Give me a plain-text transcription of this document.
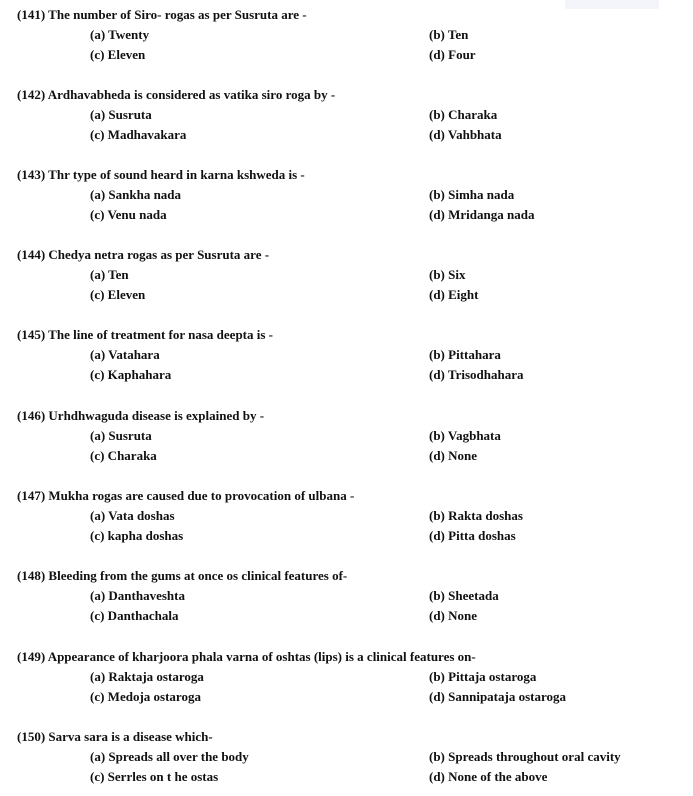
(141) The number of Siro- rogas as per Susruta are -
(a) Twenty	(b) Ten
(c) Eleven	(d) Four
(142) Ardhavabheda is considered as vatika siro roga by -
(a) Susruta	(b) Charaka
(c) Madhavakara	(d) Vahbhata
(143) Thr type of sound heard in karna kshweda is -
(a) Sankha nada	(b) Simha nada
(c) Venu nada	(d) Mridanga nada
(144) Chedya netra rogas as per Susruta are -
(a) Ten	(b) Six
(c) Eleven	(d) Eight
(145) The line of treatment for nasa deepta is -
(a) Vatahara	(b) Pittahara
(c) Kaphahara	(d) Trisodhahara
(146) Urhdhwaguda disease is explained by -
(a) Susruta	(b) Vagbhata
(c) Charaka	(d) None
(147) Mukha rogas are caused due to provocation of ulbana -
(a) Vata doshas	(b) Rakta doshas
(c) kapha doshas	(d) Pitta doshas
(148) Bleeding from the gums at once os clinical features of-
(a) Danthaveshta	(b) Sheetada
(c) Danthachala	(d) None
(149) Appearance of kharjoora phala varna of oshtas (lips) is a clinical features on-
(a) Raktaja ostaroga	(b) Pittaja ostaroga
(c) Medoja ostaroga	(d) Sannipataja ostaroga
(150) Sarva sara is a disease which-
(a) Spreads all over the body	(b) Spreads throughout oral cavity
(c) Serrles on t he ostas	(d) None of the above
